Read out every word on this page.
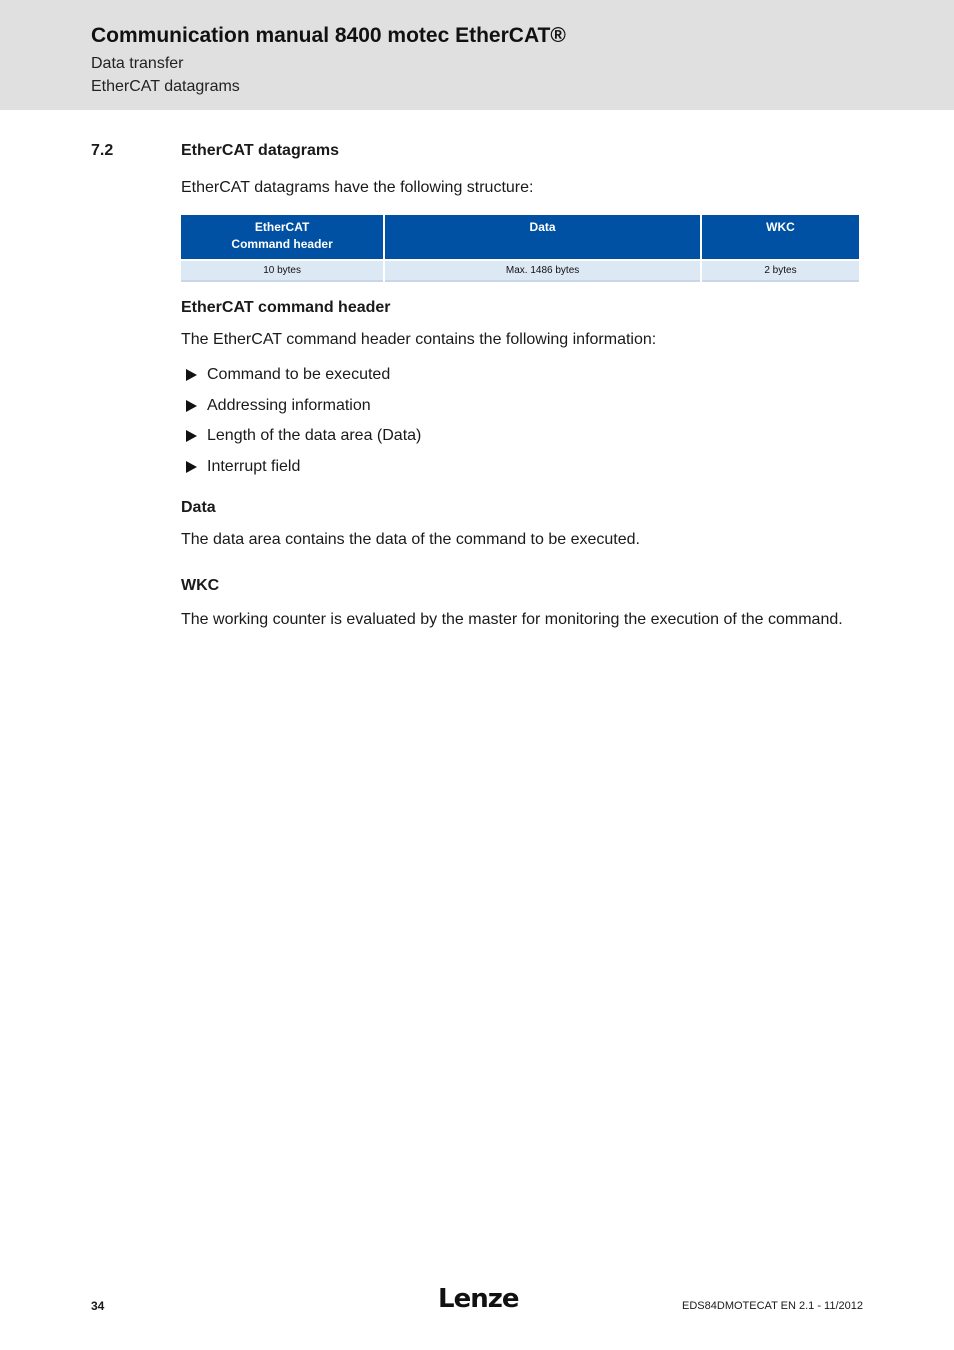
Communication manual 8400 motec EtherCAT®
Data transfer
EtherCAT datagrams
7.2	EtherCAT datagrams
EtherCAT datagrams have the following structure:
EtherCAT
Command header	Data	WKC

10 bytes	Max. 1486 bytes	2 bytes
EtherCAT command header
The EtherCAT command header contains the following information:
Command to be executed
Addressing information
Length of the data area (Data)
Interrupt field
Data
The data area contains the data of the command to be executed.
WKC

The working counter is evaluated by the master for monitoring the execution of the command.

34	Lenze	EDS84DMOTECAT EN 2.1 - 11/2012
